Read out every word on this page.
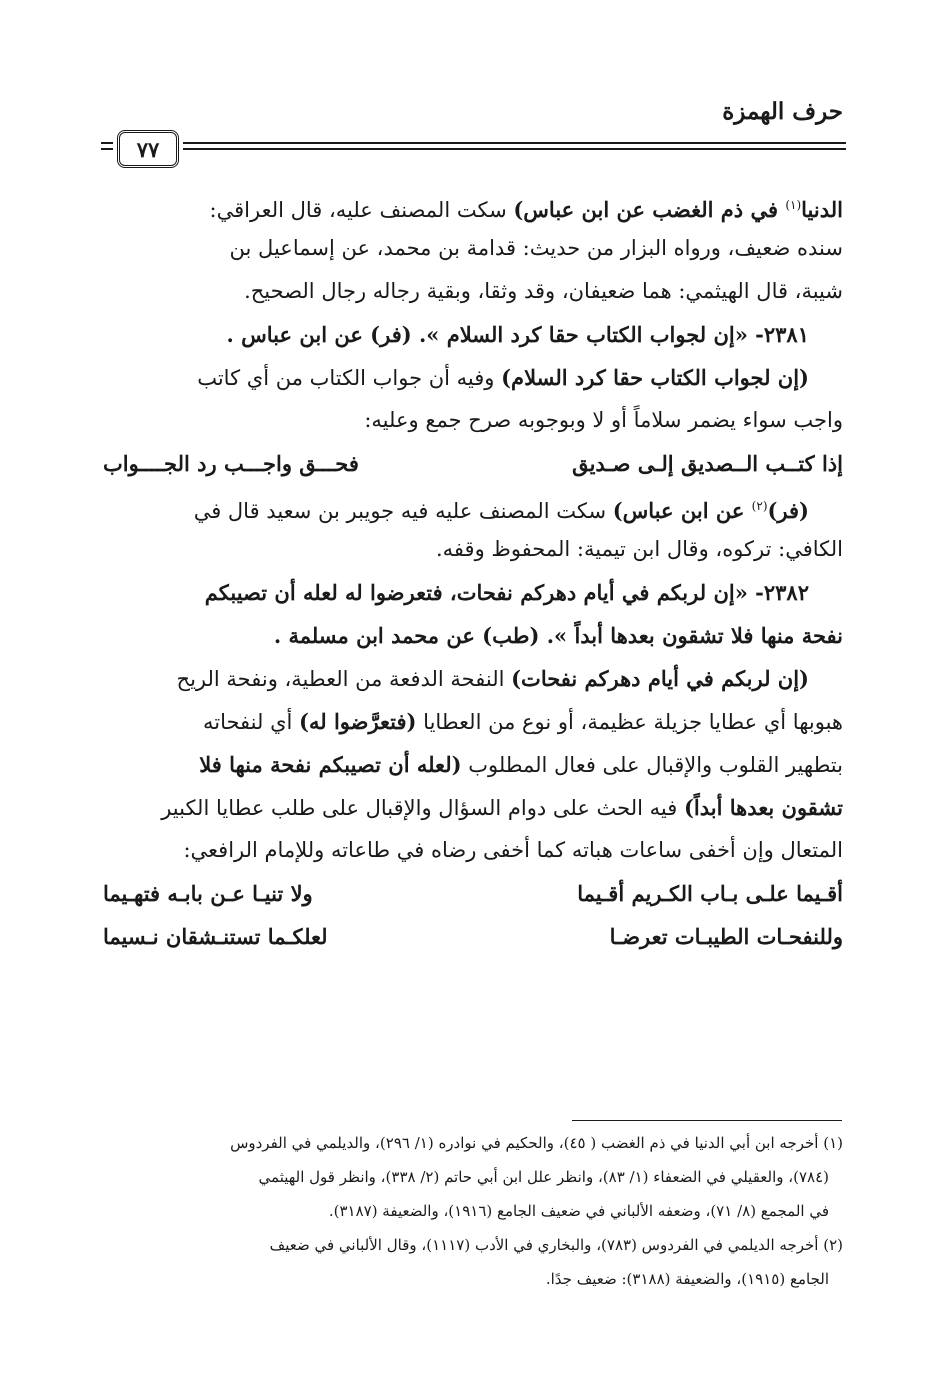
حرف الهمزة
٧٧
الدنيا$^{(١)}$ في ذم الغضب عن ابن عباس) سكت المصنف عليه، قال العراقي:
سنده ضعيف، ورواه البزار من حديث: قدامة بن محمد، عن إسماعيل بن
شيبة، قال الهيثمي: هما ضعيفان، وقد وثقا، وبقية رجاله رجال الصحيح.
٢٣٨١- «إن لجواب الكتاب حقا كرد السلام ». (فر) عن ابن عباس .
(إن لجواب الكتاب حقا كرد السلام) وفيه أن جواب الكتاب من أي كاتب
واجب سواء يضمر سلاماً أو لا وبوجوبه صرح جمع وعليه:
إذا كتــب الــصديق إلـى صـديق
فحـــق واجـــب رد الجــــواب
(فر)$^{(٢)}$ عن ابن عباس) سكت المصنف عليه فيه جويبر بن سعيد قال في
الكافي: تركوه، وقال ابن تيمية: المحفوظ وقفه.
٢٣٨٢- «إن لربكم في أيام دهركم نفحات، فتعرضوا له لعله أن تصيبكم
نفحة منها فلا تشقون بعدها أبداً ». (طب) عن محمد ابن مسلمة .
(إن لربكم في أيام دهركم نفحات) النفحة الدفعة من العطية، ونفحة الريح
هبوبها أي عطايا جزيلة عظيمة، أو نوع من العطايا (فتعرَّضوا له) أي لنفحاته
بتطهير القلوب والإقبال على فعال المطلوب (لعله أن تصيبكم نفحة منها فلا
تشقون بعدها أبداً) فيه الحث على دوام السؤال والإقبال على طلب عطايا الكبير
المتعال وإن أخفى ساعات هباته كما أخفى رضاه في طاعاته وللإمام الرافعي:
أقـيما علـى بـاب الكـريم أقـيما
ولا تنيـا عـن بابـه فتهـيما
وللنفحـات الطيبـات تعرضـا
لعلكـما تستنـشقان نـسيما
(١) أخرجه ابن أبي الدنيا في ذم الغضب ( ٤٥)، والحكيم في نوادره (١/ ٢٩٦)، والديلمي في الفردوس
(٧٨٤)، والعقيلي في الضعفاء (١/ ٨٣)، وانظر علل ابن أبي حاتم (٢/ ٣٣٨)، وانظر قول الهيثمي
في المجمع (٨/ ٧١)، وضعفه الألباني في ضعيف الجامع (١٩١٦)، والضعيفة (٣١٨٧).
(٢) أخرجه الديلمي في الفردوس (٧٨٣)، والبخاري في الأدب (١١١٧)، وقال الألباني في ضعيف
الجامع (١٩١٥)، والضعيفة (٣١٨٨): ضعيف جدًا.
